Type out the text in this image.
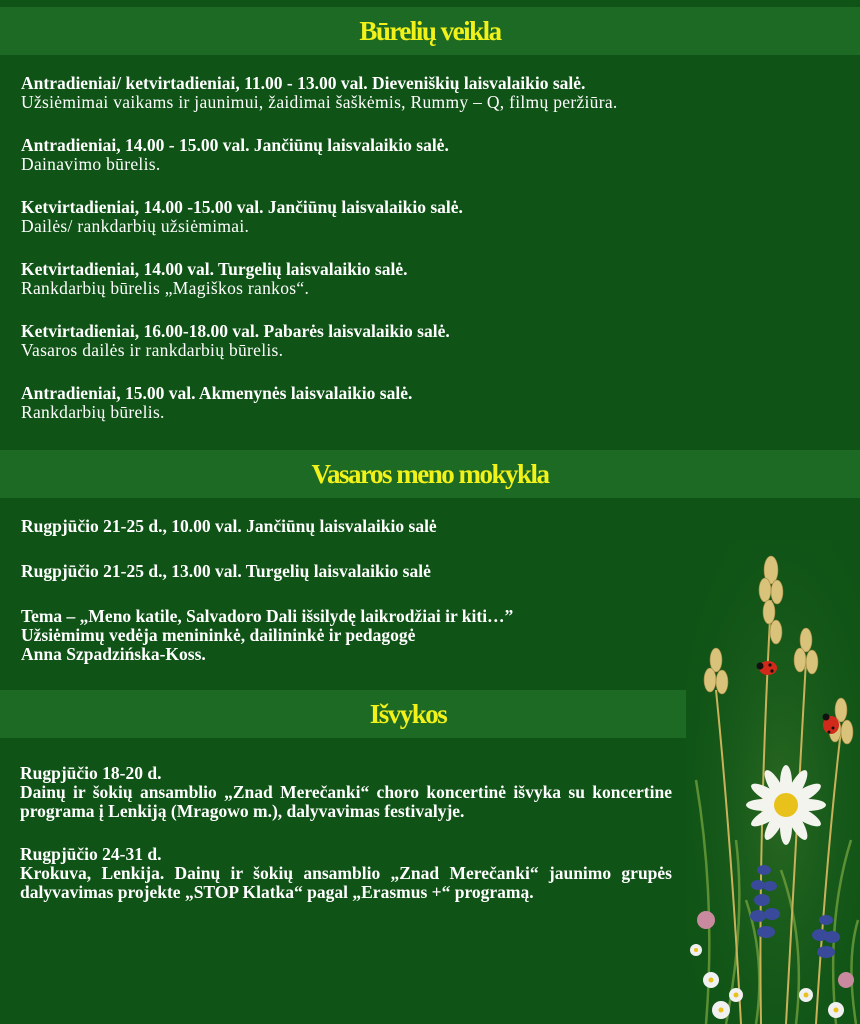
Būrelių veikla

Antradieniai/ ketvirtadieniai, 11.00 - 13.00 val. Dieveniškių laisvalaikio salė.
Užsiėmimai vaikams ir jaunimui, žaidimai šaškėmis, Rummy – Q, filmų peržiūra.

Antradieniai, 14.00 - 15.00 val. Jančiūnų laisvalaikio salė.
Dainavimo būrelis.

Ketvirtadieniai, 14.00 -15.00 val. Jančiūnų laisvalaikio salė.
Dailės/ rankdarbių užsiėmimai.

Ketvirtadieniai, 14.00 val. Turgelių laisvalaikio salė.
Rankdarbių būrelis „Magiškos rankos“.

Ketvirtadieniai, 16.00-18.00 val. Pabarės laisvalaikio salė.
Vasaros dailės ir rankdarbių būrelis.

Antradieniai, 15.00 val. Akmenynės laisvalaikio salė.
Rankdarbių būrelis.

Vasaros meno mokykla

Rugpjūčio 21-25 d., 10.00 val. Jančiūnų laisvalaikio salė

Rugpjūčio 21-25 d., 13.00 val. Turgelių laisvalaikio salė

Tema – „Meno katile, Salvadoro Dali išsilydę laikrodžiai ir kiti…”
Užsiėmimų vedėja menininkė, dailininkė ir pedagogė
Anna Szpadzińska-Koss.

Išvykos

Rugpjūčio 18-20 d.
Dainų ir šokių ansamblio „Znad Merečanki“ choro koncertinė išvyka su koncertine programa į Lenkiją (Mragowo m.), dalyvavimas festivalyje.

Rugpjūčio 24-31 d.
Krokuva, Lenkija. Dainų ir šokių ansamblio „Znad Merečanki“ jaunimo grupės dalyvavimas projekte „STOP Klatka“ pagal „Erasmus +“ programą.
